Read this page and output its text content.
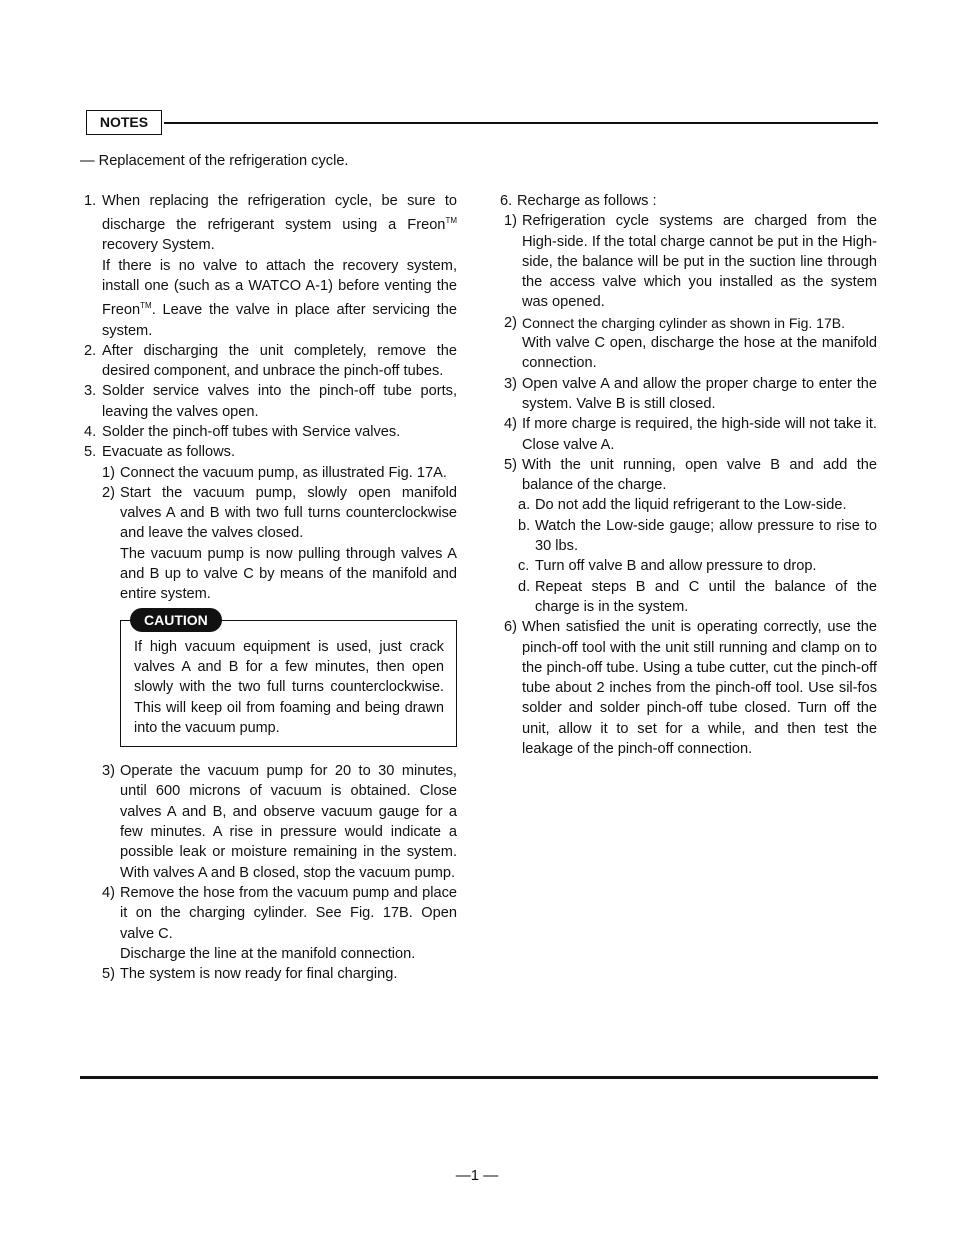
NOTES
— Replacement of the refrigeration cycle.
1. When replacing the refrigeration cycle, be sure to discharge the refrigerant system using a Freon™ recovery System.

If there is no valve to attach the recovery system, install one (such as a WATCO A-1) before venting the Freon™. Leave the valve in place after servicing the system.

2. After discharging the unit completely, remove the desired component, and unbrace the pinch-off tubes.

3. Solder service valves into the pinch-off tube ports, leaving the valves open.

4. Solder the pinch-off tubes with Service valves.

5. Evacuate as follows.

1) Connect the vacuum pump, as illustrated Fig. 17A.

2) Start the vacuum pump, slowly open manifold valves A and B with two full turns counterclockwise and leave the valves closed.

The vacuum pump is now pulling through valves A and B up to valve C by means of the manifold and entire system.

If high vacuum equipment is used, just crack valves A and B for a few minutes, then open slowly with the two full turns counterclockwise. This will keep oil from foaming and being drawn into the vacuum pump.
CAUTION
3) Operate the vacuum pump for 20 to 30 minutes, until 600 microns of vacuum is obtained. Close valves A and B, and observe vacuum gauge for a few minutes. A rise in pressure would indicate a possible leak or moisture remaining in the system. With valves A and B closed, stop the vacuum pump.

4) Remove the hose from the vacuum pump and place it on the charging cylinder. See Fig. 17B. Open valve C.

Discharge the line at the manifold connection.

5) The system is now ready for final charging.

6. Recharge as follows :

1) Refrigeration cycle systems are charged from the High-side. If the total charge cannot be put in the High-side, the balance will be put in the suction line through the access valve which you installed as the system was opened.

2) Connect the charging cylinder as shown in Fig. 17B.

With valve C open, discharge the hose at the manifold connection.

3) Open valve A and allow the proper charge to enter the system. Valve B is still closed.

4) If more charge is required, the high-side will not take it. Close valve A.

5) With the unit running, open valve B and add the balance of the charge.

a. Do not add the liquid refrigerant to the Low-side.

b. Watch the Low-side gauge; allow pressure to rise to 30 lbs.

c. Turn off valve B and allow pressure to drop.

d. Repeat steps B and C until the balance of the charge is in the system.

6) When satisfied the unit is operating correctly, use the pinch-off tool with the unit still running and clamp on to the pinch-off tube. Using a tube cutter, cut the pinch-off tube about 2 inches from the pinch-off tool. Use sil-fos solder and solder pinch-off tube closed. Turn off the unit, allow it to set for a while, and then test the leakage of the pinch-off connection.

—1 —
